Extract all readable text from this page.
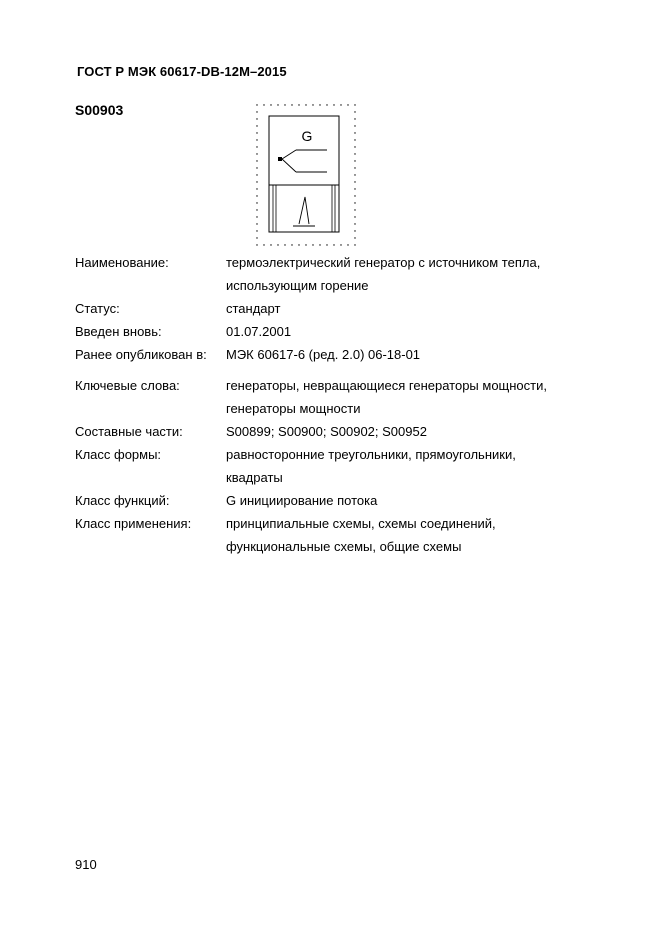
ГОСТ Р МЭК 60617-DB-12M–2015
S00903
G
Наименование:	термоэлектрический генератор с источником тепла,
использующим горение
Статус:	стандарт
Введен вновь:	01.07.2001
Ранее опубликован в: МЭК 60617-6 (ред. 2.0) 06-18-01
Ключевые слова:	генераторы, невращающиеся генераторы мощности,
генераторы мощности
Составные части:	S00899; S00900; S00902; S00952
Класс формы:	равносторонние треугольники, прямоугольники,
квадраты
Класс функций:	G инициирование потока
Класс применения:	принципиальные схемы, схемы соединений,
функциональные схемы, общие схемы
910
